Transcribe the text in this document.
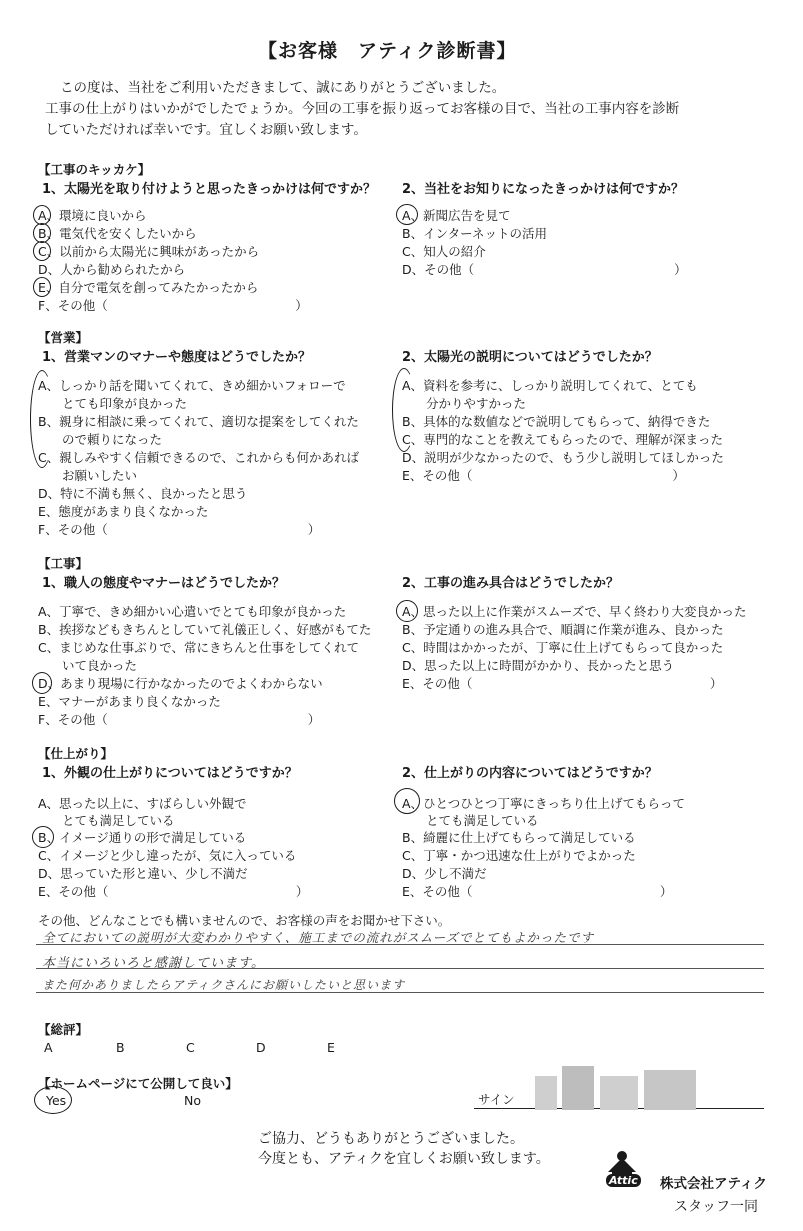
【お客様　アティク診断書】
この度は、当社をご利用いただきまして、誠にありがとうございました。
工事の仕上がりはいかがでしたでょうか。今回の工事を振り返ってお客様の目で、当社の工事内容を診断
していただければ幸いです。宜しくお願い致します。
【工事のキッカケ】
1、太陽光を取り付けようと思ったきっかけは何ですか？
A、環境に良いから
B、電気代を安くしたいから
C、以前から太陽光に興味があったから
D、人から勧められたから
E、自分で電気を創ってみたかったから
F、その他（　　　　　　　　　　　　　　　）
2、当社をお知りになったきっかけは何ですか？
A、新聞広告を見て
B、インターネットの活用
C、知人の紹介
D、その他（　　　　　　　　　　　　　　　　）
【営業】
1、営業マンのマナーや態度はどうでしたか？
A、しっかり話を聞いてくれて、きめ細かいフォローで
とても印象が良かった
B、親身に相談に乗ってくれて、適切な提案をしてくれた
ので頼りになった
C、親しみやすく信頼できるので、これからも何かあれば
お願いしたい
D、特に不満も無く、良かったと思う
E、態度があまり良くなかった
F、その他（　　　　　　　　　　　　　　　　）
2、太陽光の説明についてはどうでしたか？
A、資料を参考に、しっかり説明してくれて、とても
分かりやすかった
B、具体的な数値などで説明してもらって、納得できた
C、専門的なことを教えてもらったので、理解が深まった
D、説明が少なかったので、もう少し説明してほしかった
E、その他（　　　　　　　　　　　　　　　　）
【工事】
1、職人の態度やマナーはどうでしたか？
A、丁寧で、きめ細かい心遣いでとても印象が良かった
B、挨拶などもきちんとしていて礼儀正しく、好感がもてた
C、まじめな仕事ぶりで、常にきちんと仕事をしてくれて
いて良かった
D、あまり現場に行かなかったのでよくわからない
E、マナーがあまり良くなかった
F、その他（　　　　　　　　　　　　　　　　）
2、工事の進み具合はどうでしたか？
A、思った以上に作業がスムーズで、早く終わり大変良かった
B、予定通りの進み具合で、順調に作業が進み、良かった
C、時間はかかったが、丁寧に仕上げてもらって良かった
D、思った以上に時間がかかり、長かったと思う
E、その他（　　　　　　　　　　　　　　　　　　　）
【仕上がり】
1、外観の仕上がりについてはどうですか？
A、思った以上に、すばらしい外観で
とても満足している
B、イメージ通りの形で満足している
C、イメージと少し違ったが、気に入っている
D、思っていた形と違い、少し不満だ
E、その他（　　　　　　　　　　　　　　　）
2、仕上がりの内容についてはどうですか？
A、ひとつひとつ丁寧にきっちり仕上げてもらって
とても満足している
B、綺麗に仕上げてもらって満足している
C、丁寧・かつ迅速な仕上がりでよかった
D、少し不満だ
E、その他（　　　　　　　　　　　　　　　）
その他、どんなことでも構いませんので、お客様の声をお聞かせ下さい。
全てにおいての説明が大変わかりやすく、施工までの流れがスムーズでとてもよかったです
本当にいろいろと感謝しています。
また何かありましたらアティクさんにお願いしたいと思います
【総評】
A	B	C	D	E
【ホームページにて公開して良い】
Yes	No	サイン
ご協力、どうもありがとうございました。
今度とも、アティクを宜しくお願い致します。
Attic 株式会社アティク
スタッフ一同
